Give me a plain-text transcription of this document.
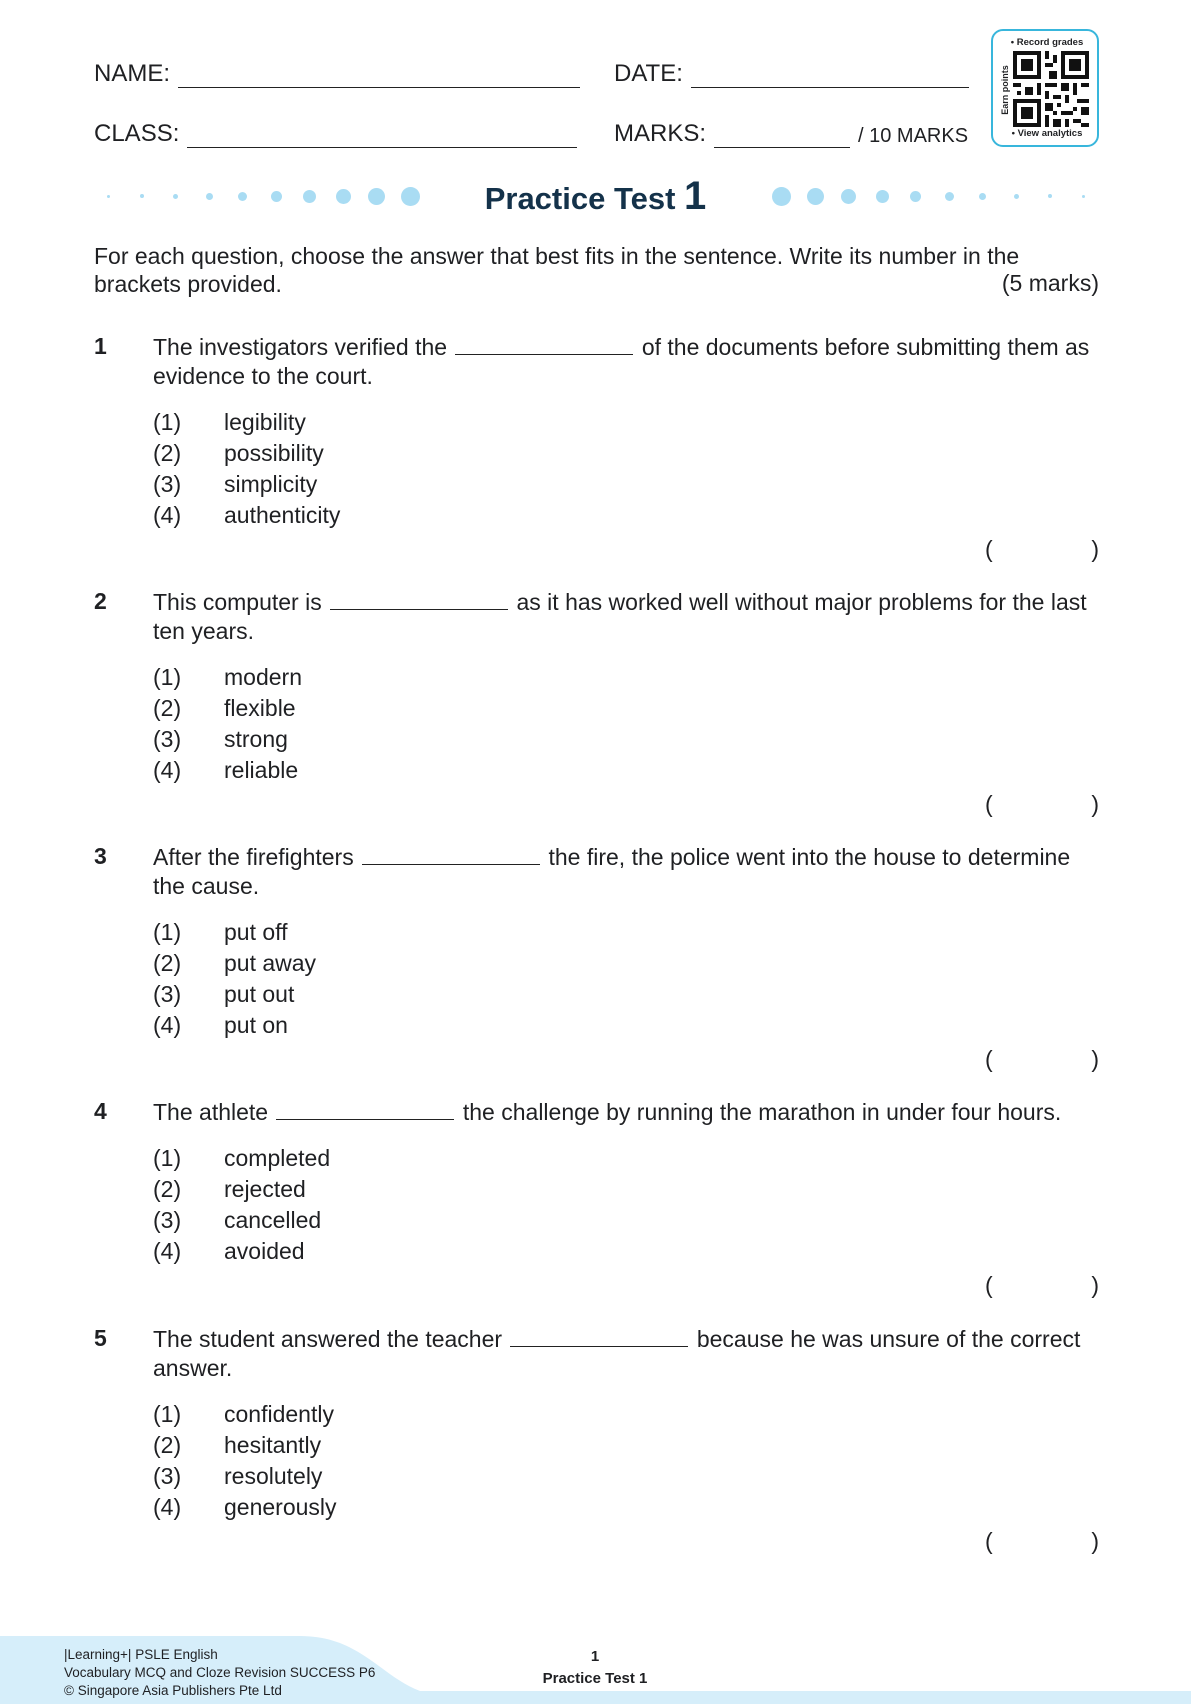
NAME:	DATE:
CLASS:	MARKS:	/ 10 MARKS
• Record grades
Earn points
• View analytics
Practice Test 1
For each question, choose the answer that best fits in the sentence. Write its number in the brackets provided.	(5 marks)
1 The investigators verified the	of the documents before submitting them as evidence to the court.
(1)	legibility
(2)	possibility
(3)	simplicity
(4)	authenticity
(	)
2 This computer is	as it has worked well without major problems for the last ten years.
(1)	modern
(2)	flexible
(3)	strong
(4)	reliable
(	)
3 After the firefighters	the fire, the police went into the house to determine the cause.
(1)	put off
(2)	put away
(3)	put out
(4)	put on
(	)
4 The athlete	the challenge by running the marathon in under four hours.
(1)	completed
(2)	rejected
(3)	cancelled
(4)	avoided
(	)
5 The student answered the teacher	because he was unsure of the correct answer.
(1)	confidently
(2)	hesitantly
(3)	resolutely
(4)	generously
(	)
|Learning+| PSLE English
Vocabulary MCQ and Cloze Revision SUCCESS P6
© Singapore Asia Publishers Pte Ltd
1
Practice Test 1
